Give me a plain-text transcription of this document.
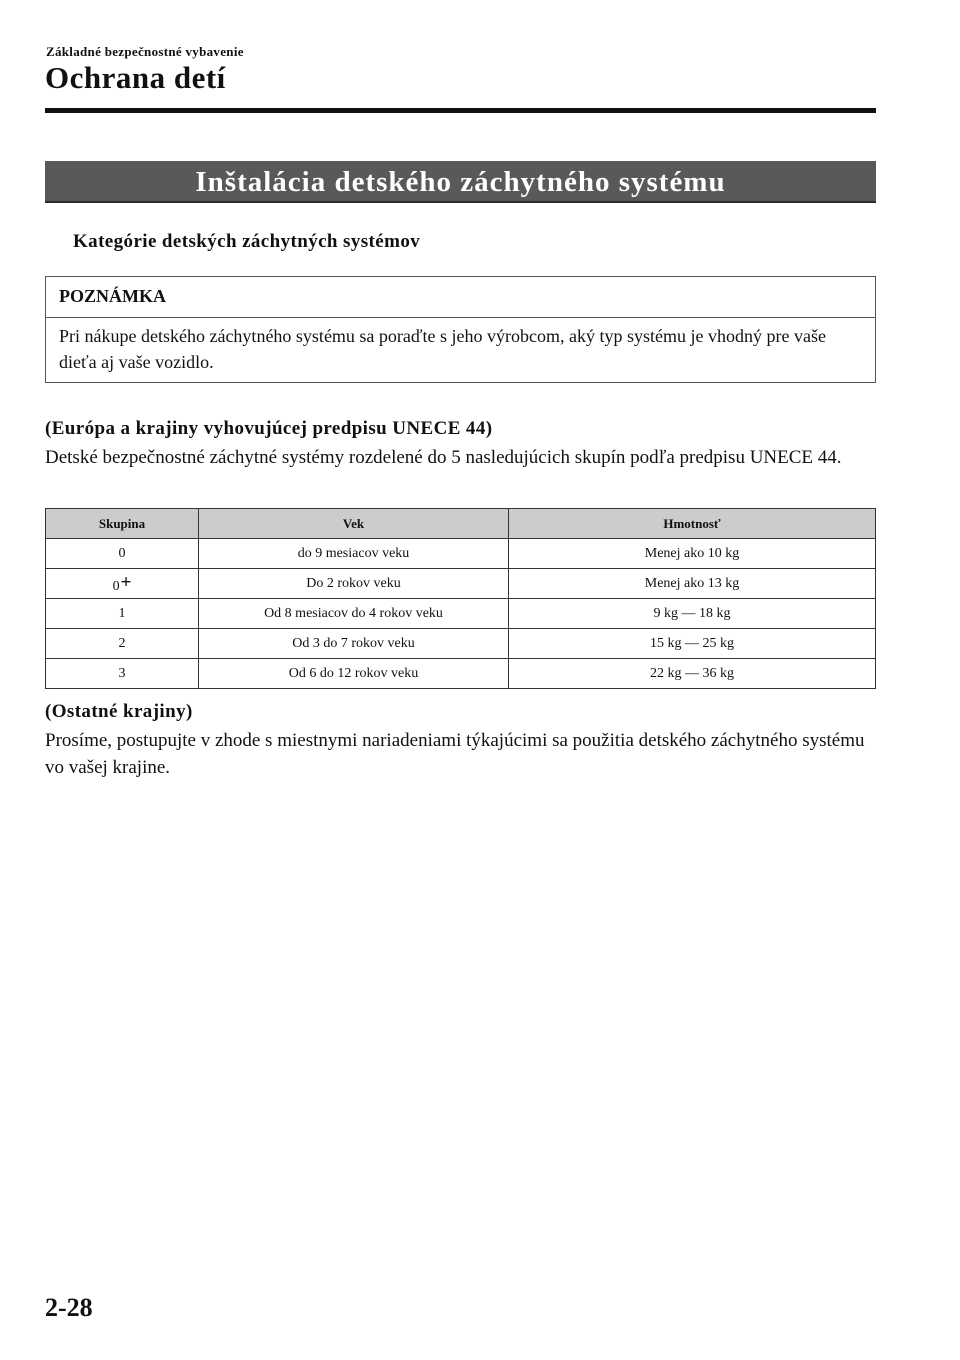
Základné bezpečnostné vybavenie
Ochrana detí
Inštalácia detského záchytného systému
Kategórie detských záchytných systémov
POZNÁMKA
Pri nákupe detského záchytného systému sa poraďte s jeho výrobcom, aký typ systému je vhodný pre vaše dieťa aj vaše vozidlo.
(Európa a krajiny vyhovujúcej predpisu UNECE 44)
Detské bezpečnostné záchytné systémy rozdelené do 5 nasledujúcich skupín podľa predpisu UNECE 44.
Skupina	Vek	Hmotnosť
0	do 9 mesiacov veku	Menej ako 10 kg
0+	Do 2 rokov veku	Menej ako 13 kg
1	Od 8 mesiacov do 4 rokov veku	9 kg — 18 kg
2	Od 3 do 7 rokov veku	15 kg — 25 kg
3	Od 6 do 12 rokov veku	22 kg — 36 kg
(Ostatné krajiny)
Prosíme, postupujte v zhode s miestnymi nariadeniami týkajúcimi sa použitia detského záchytného systému vo vašej krajine.
2-28
